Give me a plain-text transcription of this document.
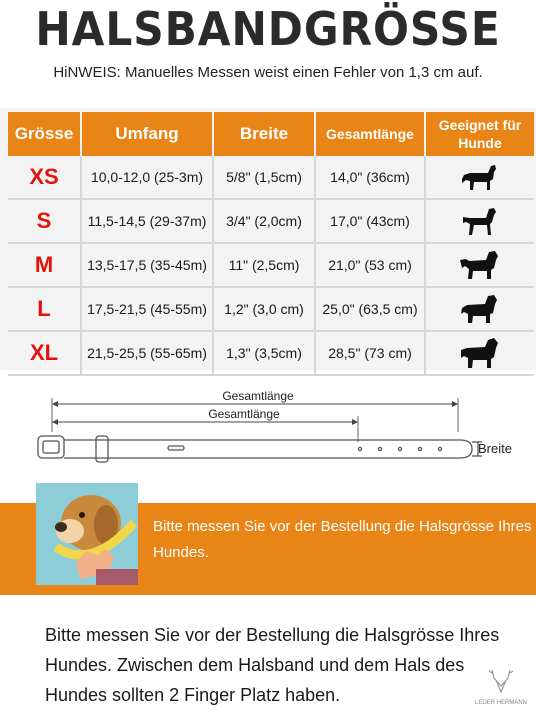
HALSBANDGRÖSSE
HiNWEIS: Manuelles Messen weist einen Fehler von 1,3 cm auf.
Grösse	Umfang	Breite	Gesamtlänge	Geeignet für Hunde
XS	10,0-12,0 (25-3m)	5/8" (1,5cm)	14,0" (36cm)	
S	11,5-14,5 (29-37m)	3/4" (2,0cm)	17,0" (43cm)	
M	13,5-17,5 (35-45m)	11" (2,5cm)	21,0" (53 cm)	
L	17,5-21,5 (45-55m)	1,2" (3,0 cm)	25,0" (63,5 cm)	
XL	21,5-25,5 (55-65m)	1,3" (3,5cm)	28,5" (73 cm)	
Gesamtlänge
Gesamtlänge
Breite
Bitte messen Sie vor der Bestellung die Halsgrösse Ihres Hundes.
Bitte messen Sie vor der Bestellung die Halsgrösse Ihres Hundes. Zwischen dem Halsband und dem Hals des Hundes sollten 2 Finger Platz haben.	LEDER HERMANN
